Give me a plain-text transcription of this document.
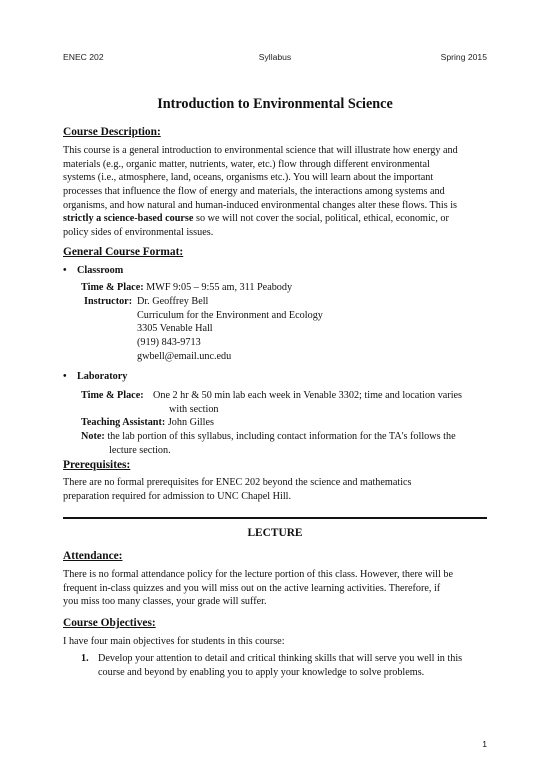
ENEC 202	Syllabus	Spring 2015
Introduction to Environmental Science
Course Description:
This course is a general introduction to environmental science that will illustrate how energy and
materials (e.g., organic matter, nutrients, water, etc.) flow through different environmental
systems (i.e., atmosphere, land, oceans, organisms etc.). You will learn about the important
processes that influence the flow of energy and materials, the interactions among systems and
organisms, and how natural and human-induced environmental changes alter these flows. This is
strictly a science-based course so we will not cover the social, political, ethical, economic, or
policy sides of environmental issues.
General Course Format:
• Classroom
Time & Place: MWF 9:05 – 9:55 am, 311 Peabody
Instructor: Dr. Geoffrey Bell
Curriculum for the Environment and Ecology
3305 Venable Hall
(919) 843-9713
gwbell@email.unc.edu
• Laboratory
Time & Place: One 2 hr & 50 min lab each week in Venable 3302; time and location varies
with section
Teaching Assistant: John Gilles
Note: the lab portion of this syllabus, including contact information for the TA's follows the
lecture section.
Prerequisites:
There are no formal prerequisites for ENEC 202 beyond the science and mathematics
preparation required for admission to UNC Chapel Hill.
LECTURE
Attendance:
There is no formal attendance policy for the lecture portion of this class. However, there will be
frequent in-class quizzes and you will miss out on the active learning activities. Therefore, if
you miss too many classes, your grade will suffer.
Course Objectives:
I have four main objectives for students in this course:
1. Develop your attention to detail and critical thinking skills that will serve you well in this
course and beyond by enabling you to apply your knowledge to solve problems.
1
